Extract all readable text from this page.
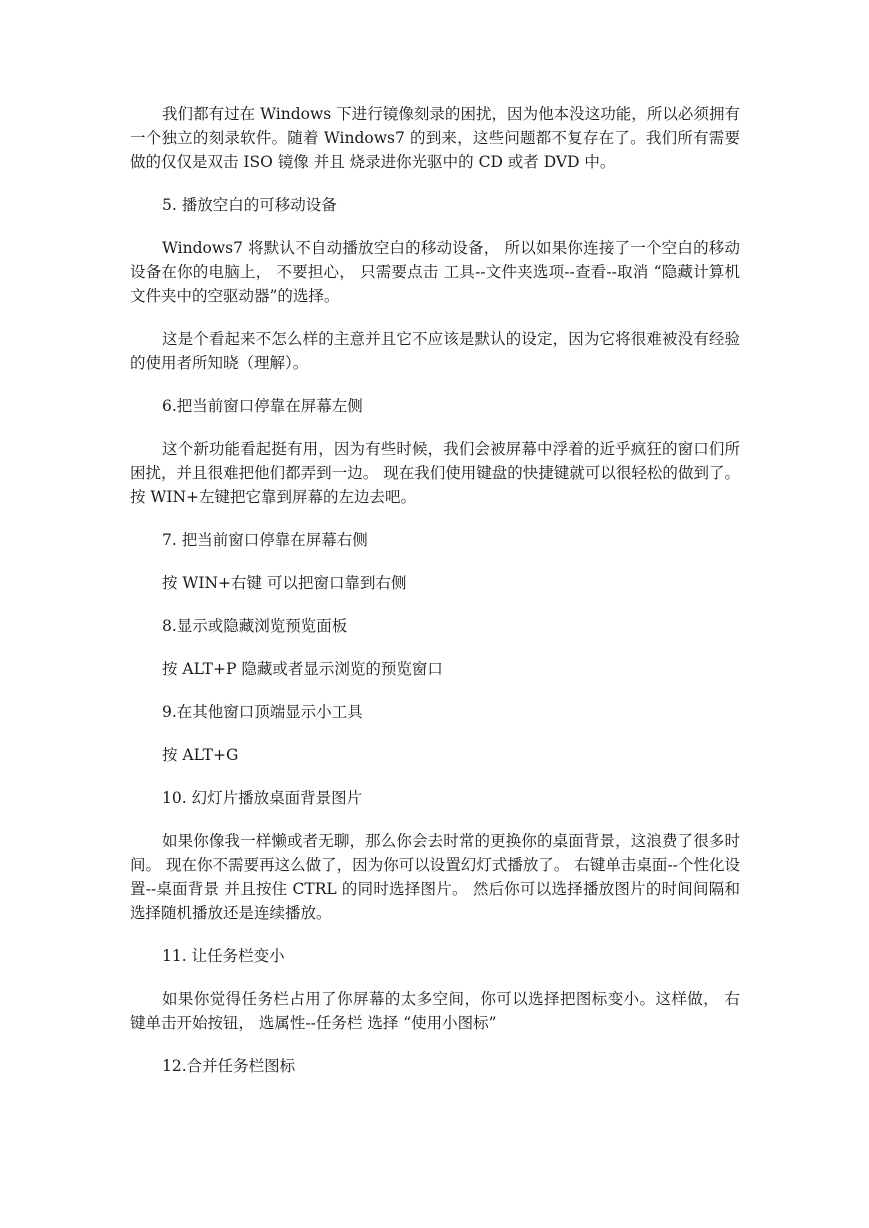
我们都有过在 Windows 下进行镜像刻录的困扰，因为他本没这功能，所以必须拥有一个独立的刻录软件。随着 Windows7 的到来，这些问题都不复存在了。我们所有需要做的仅仅是双击 ISO 镜像 并且 烧录进你光驱中的 CD 或者 DVD 中。

5. 播放空白的可移动设备

Windows7 将默认不自动播放空白的移动设备， 所以如果你连接了一个空白的移动设备在你的电脑上， 不要担心， 只需要点击 工具--文件夹选项--查看--取消 “隐藏计算机文件夹中的空驱动器”的选择。

这是个看起来不怎么样的主意并且它不应该是默认的设定，因为它将很难被没有经验的使用者所知晓（理解）。

6.把当前窗口停靠在屏幕左侧

这个新功能看起挺有用，因为有些时候，我们会被屏幕中浮着的近乎疯狂的窗口们所困扰，并且很难把他们都弄到一边。 现在我们使用键盘的快捷键就可以很轻松的做到了。 按 WIN+左键把它靠到屏幕的左边去吧。

7. 把当前窗口停靠在屏幕右侧

按 WIN+右键 可以把窗口靠到右侧

8.显示或隐藏浏览预览面板

按 ALT+P 隐藏或者显示浏览的预览窗口

9.在其他窗口顶端显示小工具

按 ALT+G

10. 幻灯片播放桌面背景图片

如果你像我一样懒或者无聊，那么你会去时常的更换你的桌面背景，这浪费了很多时间。 现在你不需要再这么做了，因为你可以设置幻灯式播放了。 右键单击桌面--个性化设置--桌面背景 并且按住 CTRL 的同时选择图片。 然后你可以选择播放图片的时间间隔和选择随机播放还是连续播放。

11. 让任务栏变小

如果你觉得任务栏占用了你屏幕的太多空间，你可以选择把图标变小。这样做， 右键单击开始按钮， 选属性--任务栏 选择 “使用小图标”

12.合并任务栏图标
